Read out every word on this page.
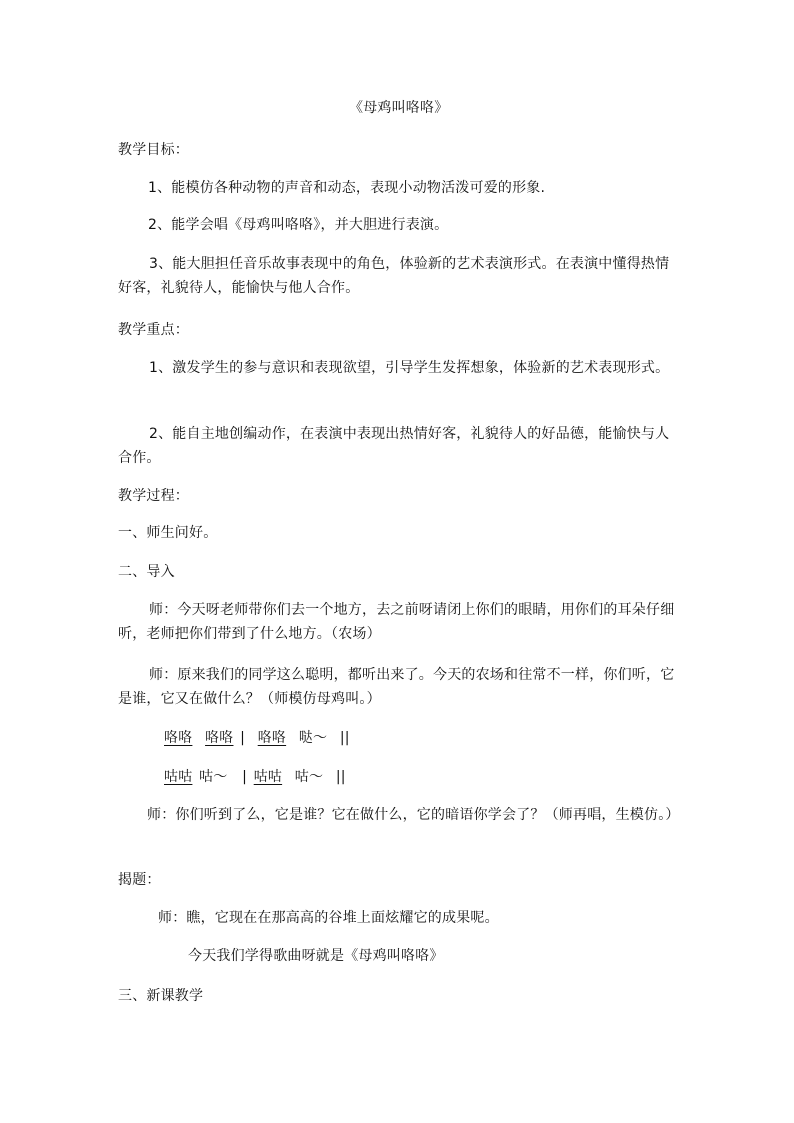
《母鸡叫咯咯》
教学目标：
1、能模仿各种动物的声音和动态，表现小动物活泼可爱的形象.
2、能学会唱《母鸡叫咯咯》，并大胆进行表演。
3、能大胆担任音乐故事表现中的角色，体验新的艺术表演形式。在表演中懂得热情好客，礼貌待人，能愉快与他人合作。
教学重点：
1、激发学生的参与意识和表现欲望，引导学生发挥想象，体验新的艺术表现形式。
2、能自主地创编动作，在表演中表现出热情好客，礼貌待人的好品德，能愉快与人合作。
教学过程：
一、师生问好。
二、导入
师：今天呀老师带你们去一个地方，去之前呀请闭上你们的眼睛，用你们的耳朵仔细听，老师把你们带到了什么地方。（农场）
师：原来我们的同学这么聪明，都听出来了。今天的农场和往常不一样，你们听，它是谁，它又在做什么？（师模仿母鸡叫。）
咯咯 咯咯 | 咯咯 哒～ ||
咕咕 咕～ | 咕咕 咕～ ||
师：你们听到了么，它是谁？它在做什么，它的暗语你学会了？（师再唱，生模仿。）
揭题：
师：瞧，它现在在那高高的谷堆上面炫耀它的成果呢。
今天我们学得歌曲呀就是《母鸡叫咯咯》
三、新课教学
